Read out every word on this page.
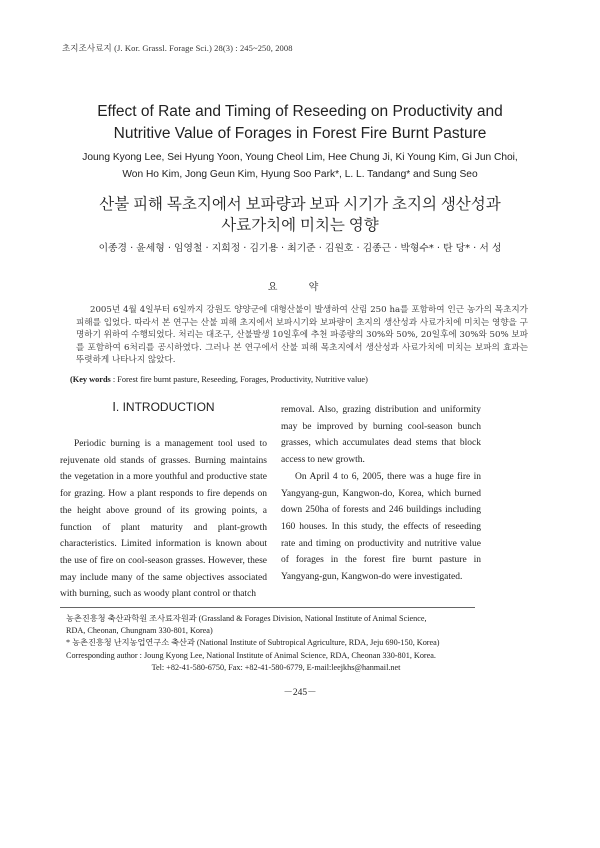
초지조사료지 (J. Kor. Grassl. Forage Sci.) 28(3) : 245~250, 2008
Effect of Rate and Timing of Reseeding on Productivity and
Nutritive Value of Forages in Forest Fire Burnt Pasture
Joung Kyong Lee, Sei Hyung Yoon, Young Cheol Lim, Hee Chung Ji, Ki Young Kim, Gi Jun Choi,
Won Ho Kim, Jong Geun Kim, Hyung Soo Park*, L. L. Tandang* and Sung Seo
산불 피해 목초지에서 보파량과 보파 시기가 초지의 생산성과
사료가치에 미치는 영향
이종경 · 윤세형 · 임영철 · 지희정 · 김기용 · 최기준 · 김원호 · 김종근 · 박형수* · 탄 당* · 서 성
요 약

2005년 4월 4일부터 6일까지 강원도 양양군에 대형산불이 발생하여 산림 250 ha를 포함하여 인근 농가의 목초지가 피해를 입었다. 따라서 본 연구는 산불 피해 초지에서 보파시기와 보파량이 초지의 생산성과 사료가치에 미치는 영향을 구명하기 위하여 수행되었다. 처리는 대조구, 산불발생 10일후에 추천 파종량의 30%와 50%, 20일후에 30%와 50% 보파를 포함하여 6처리를 공시하였다. 그러나 본 연구에서 산불 피해 목초지에서 생산성과 사료가치에 미치는 보파의 효과는 뚜렷하게 나타나지 않았다.

(Key words : Forest fire burnt pasture, Reseeding, Forages, Productivity, Nutritive value)
Ⅰ. INTRODUCTION

Periodic burning is a management tool used to rejuvenate old stands of grasses. Burning maintains the vegetation in a more youthful and productive state for grazing. How a plant responds to fire depends on the height above ground of its growing points, a function of plant maturity and plant-growth characteristics. Limited information is known about the use of fire on cool-season grasses. However, these may include many of the same objectives associated with burning, such as woody plant control or thatch

removal. Also, grazing distribution and uniformity may be improved by burning cool-season bunch grasses, which accumulates dead stems that block access to new growth.

On April 4 to 6, 2005, there was a huge fire in Yangyang-gun, Kangwon-do, Korea, which burned down 250ha of forests and 246 buildings including 160 houses. In this study, the effects of reseeding rate and timing on productivity and nutritive value of forages in the forest fire burnt pasture in Yangyang-gun, Kangwon-do were investigated.

농촌진흥청 축산과학원 조사료자원과 (Grassland & Forages Division, National Institute of Animal Science,

RDA, Cheonan, Chungnam 330-801, Korea)

* 농촌진흥청 난지농업연구소 축산과 (National Institute of Subtropical Agriculture, RDA, Jeju 690-150, Korea)

Corresponding author : Joung Kyong Lee, National Institute of Animal Science, RDA, Cheonan 330-801, Korea.

Tel: +82-41-580-6750, Fax: +82-41-580-6779, E-mail:leejkhs@hanmail.net

－245－
